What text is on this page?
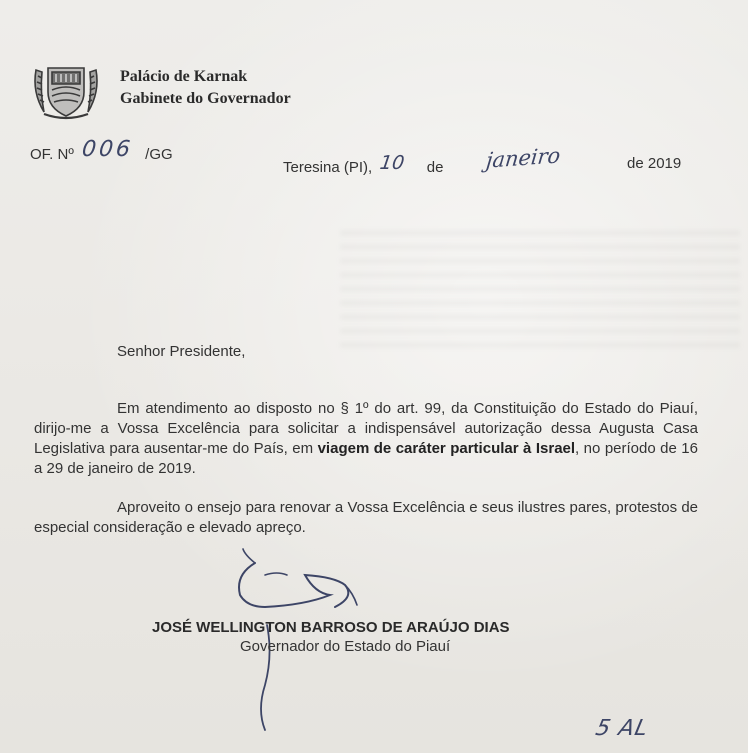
Palácio de Karnak
Gabinete do Governador
OF. Nº 006 /GG
Teresina (PI), 10 de janeiro	de 2019
Senhor Presidente,
Em atendimento ao disposto no § 1º do art. 99, da Constituição do Estado do Piauí, dirijo-me a Vossa Excelência para solicitar a indispensável autorização dessa Augusta Casa Legislativa para ausentar-me do País, em viagem de caráter particular à Israel, no período de 16 a 29 de janeiro de 2019.
Aproveito o ensejo para renovar a Vossa Excelência e seus ilustres pares, protestos de especial consideração e elevado apreço.
JOSÉ WELLINGTON BARROSO DE ARAÚJO DIAS
Governador do Estado do Piauí
5 AL
